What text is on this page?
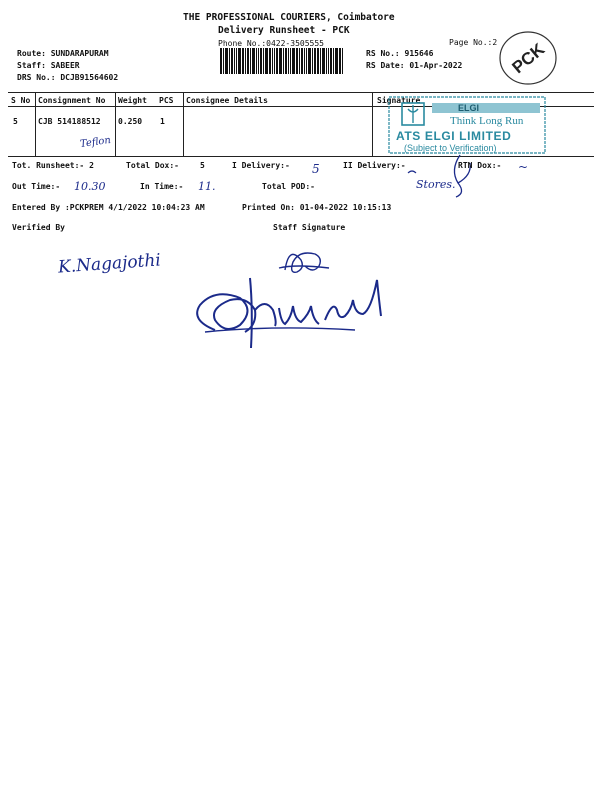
THE PROFESSIONAL COURIERS, Coimbatore
Delivery Runsheet - PCK
Phone No.:0422-3505555	Page No.:2
Route: SUNDARAPURAM
Staff: SABEER
DRS No.: DCJB91564602
RS No.: 915646
RS Date: 01-Apr-2022	PCK
S No Consignment No Weight PCS Consignee Details	Signature
5	CJB 514188512 0.250 1
Teflon
ELGI
Think Long Run
ATS ELGI LIMITED
(Subject to Verification)
Stores.
Tot. Runsheet:- 2	Total Dox:-	5	I Delivery:- 5	II Delivery:-	RTN Dox:- ~
Out Time:- 10.30	In Time:- 11.	Total POD:-
Entered By :PCKPREM 4/1/2022 10:04:23 AM	Printed On: 01-04-2022 10:15:13
Verified By	Staff Signature
K.Nagajothi
